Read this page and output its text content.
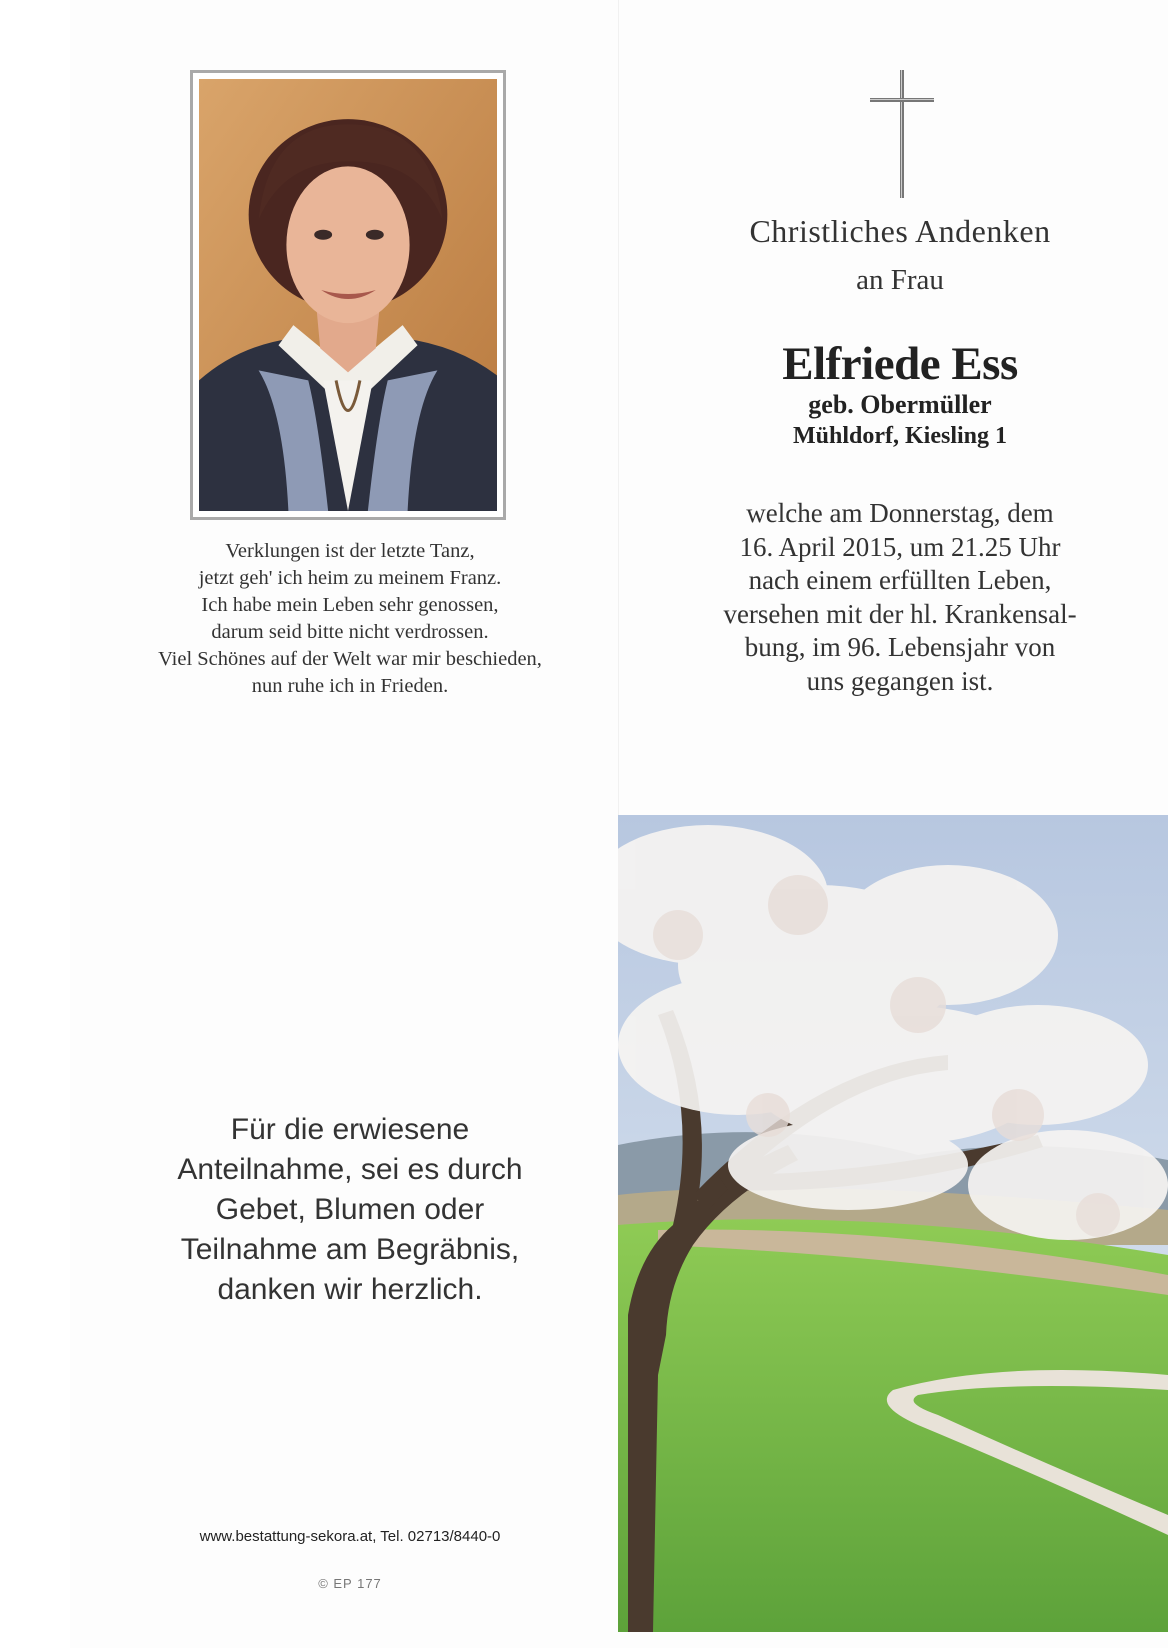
Verklungen ist der letzte Tanz,
jetzt geh' ich heim zu meinem Franz.
Ich habe mein Leben sehr genossen,
darum seid bitte nicht verdrossen.
Viel Schönes auf der Welt war mir beschieden,
nun ruhe ich in Frieden.
Christliches Andenken
an Frau
Elfriede Ess
geb. Obermüller
Mühldorf, Kiesling 1
welche am Donnerstag, dem
16. April 2015, um 21.25 Uhr
nach einem erfüllten Leben,
versehen mit der hl. Krankensal-
bung, im 96. Lebensjahr von
uns gegangen ist.
Für die erwiesene
Anteilnahme, sei es durch
Gebet, Blumen oder
Teilnahme am Begräbnis,
danken wir herzlich.
www.bestattung-sekora.at, Tel. 02713/8440-0
© EP 177
